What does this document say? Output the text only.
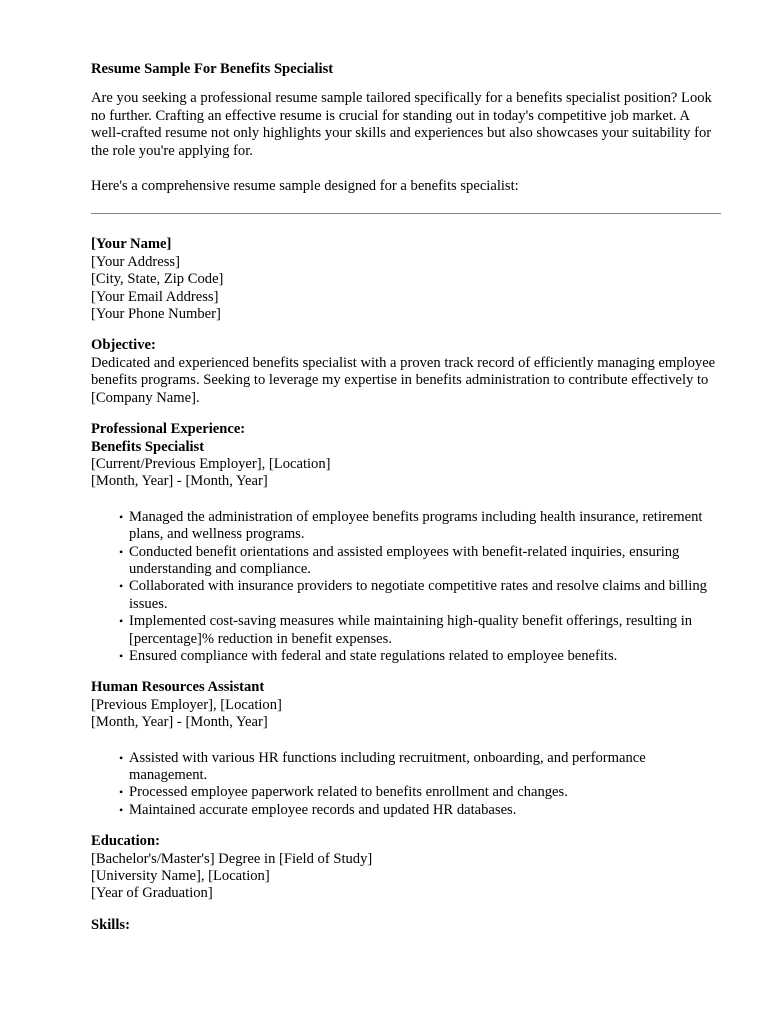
Resume Sample For Benefits Specialist

Are you seeking a professional resume sample tailored specifically for a benefits specialist position? Look no further. Crafting an effective resume is crucial for standing out in today's competitive job market. A well-crafted resume not only highlights your skills and experiences but also showcases your suitability for the role you're applying for.

Here's a comprehensive resume sample designed for a benefits specialist:

[Your Name]
[Your Address]
[City, State, Zip Code]
[Your Email Address]
[Your Phone Number]
Objective:

Dedicated and experienced benefits specialist with a proven track record of efficiently managing employee benefits programs. Seeking to leverage my expertise in benefits administration to contribute effectively to [Company Name].

Professional Experience:
Benefits Specialist
[Current/Previous Employer], [Location]
[Month, Year] - [Month, Year]
• Managed the administration of employee benefits programs including health insurance, retirement plans, and wellness programs.
• Conducted benefit orientations and assisted employees with benefit-related inquiries, ensuring understanding and compliance.
• Collaborated with insurance providers to negotiate competitive rates and resolve claims and billing issues.
• Implemented cost-saving measures while maintaining high-quality benefit offerings, resulting in [percentage]% reduction in benefit expenses.
• Ensured compliance with federal and state regulations related to employee benefits.
Human Resources Assistant
[Previous Employer], [Location]
[Month, Year] - [Month, Year]
• Assisted with various HR functions including recruitment, onboarding, and performance management.
• Processed employee paperwork related to benefits enrollment and changes.
• Maintained accurate employee records and updated HR databases.
Education:
[Bachelor's/Master's] Degree in [Field of Study]
[University Name], [Location]
[Year of Graduation]
Skills:
